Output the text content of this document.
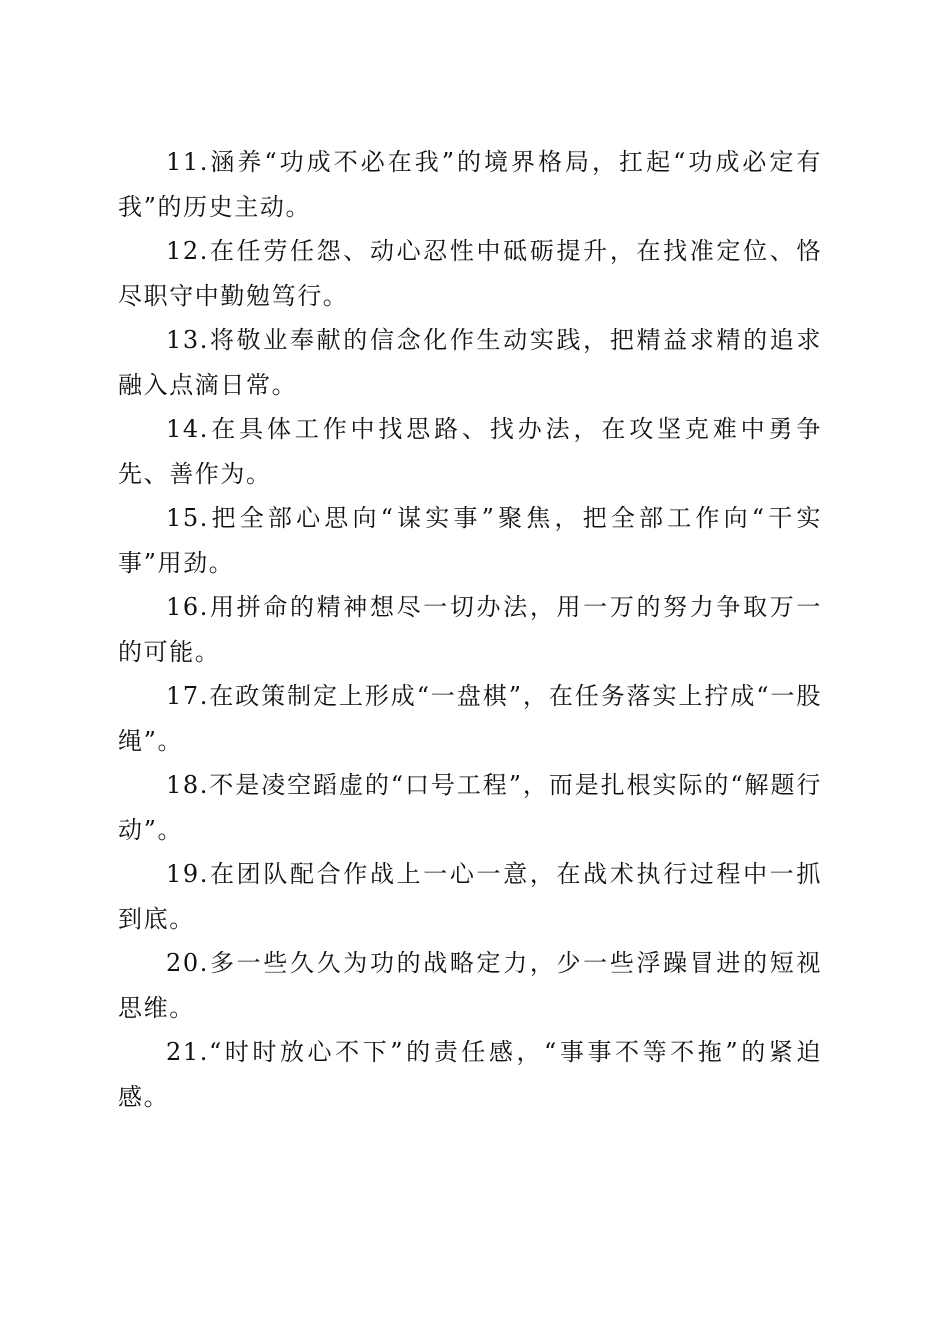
11.涵养“功成不必在我”的境界格局，扛起“功成必定有我”的历史主动。

12.在任劳任怨、动心忍性中砥砺提升，在找准定位、恪尽职守中勤勉笃行。

13.将敬业奉献的信念化作生动实践，把精益求精的追求融入点滴日常。

14.在具体工作中找思路、找办法，在攻坚克难中勇争先、善作为。

15.把全部心思向“谋实事”聚焦，把全部工作向“干实事”用劲。

16.用拼命的精神想尽一切办法，用一万的努力争取万一的可能。

17.在政策制定上形成“一盘棋”，在任务落实上拧成“一股绳”。

18.不是凌空蹈虚的“口号工程”，而是扎根实际的“解题行动”。

19.在团队配合作战上一心一意，在战术执行过程中一抓到底。

20.多一些久久为功的战略定力，少一些浮躁冒进的短视思维。

21.“时时放心不下”的责任感，“事事不等不拖”的紧迫感。
